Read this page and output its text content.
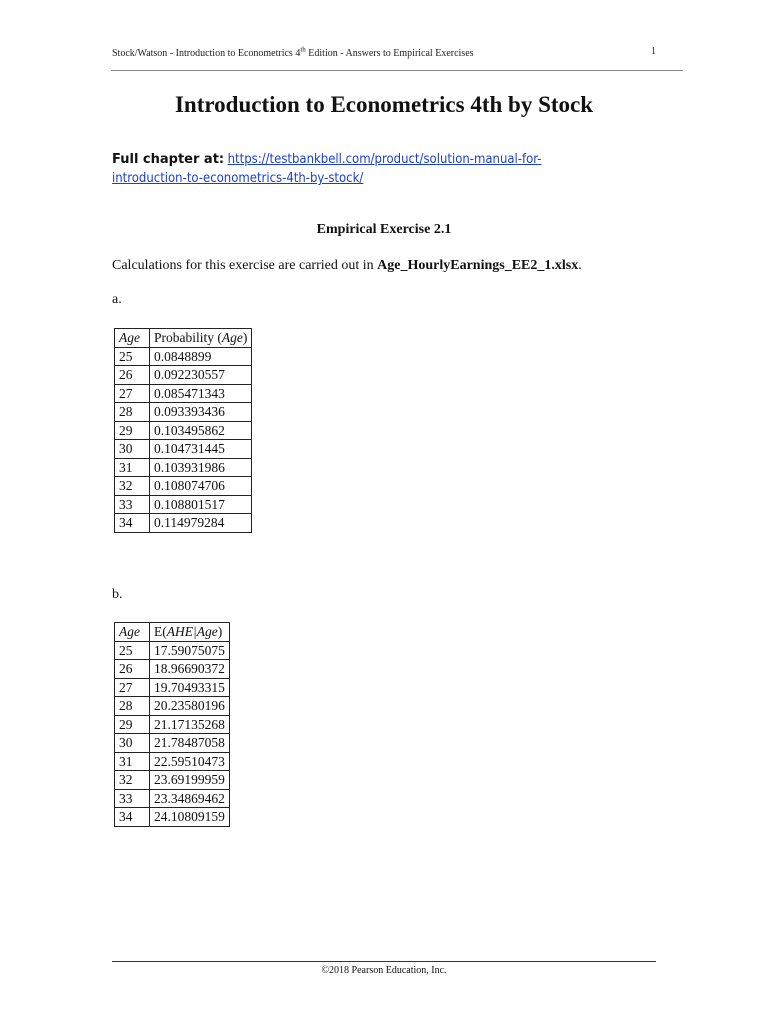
Stock/Watson - Introduction to Econometrics 4th Edition - Answers to Empirical Exercises	1
Introduction to Econometrics 4th by Stock
Full chapter at: https://testbankbell.com/product/solution-manual-for-
introduction-to-econometrics-4th-by-stock/
Empirical Exercise 2.1
Calculations for this exercise are carried out in Age_HourlyEarnings_EE2_1.xlsx.
a.
Age	Probability (Age)
25	0.0848899
26	0.092230557
27	0.085471343
28	0.093393436
29	0.103495862
30	0.104731445
31	0.103931986
32	0.108074706
33	0.108801517
34	0.114979284
b.
Age	E(AHE|Age)
25	17.59075075
26	18.96690372
27	19.70493315
28	20.23580196
29	21.17135268
30	21.78487058
31	22.59510473
32	23.69199959
33	23.34869462
34	24.10809159
©2018 Pearson Education, Inc.
